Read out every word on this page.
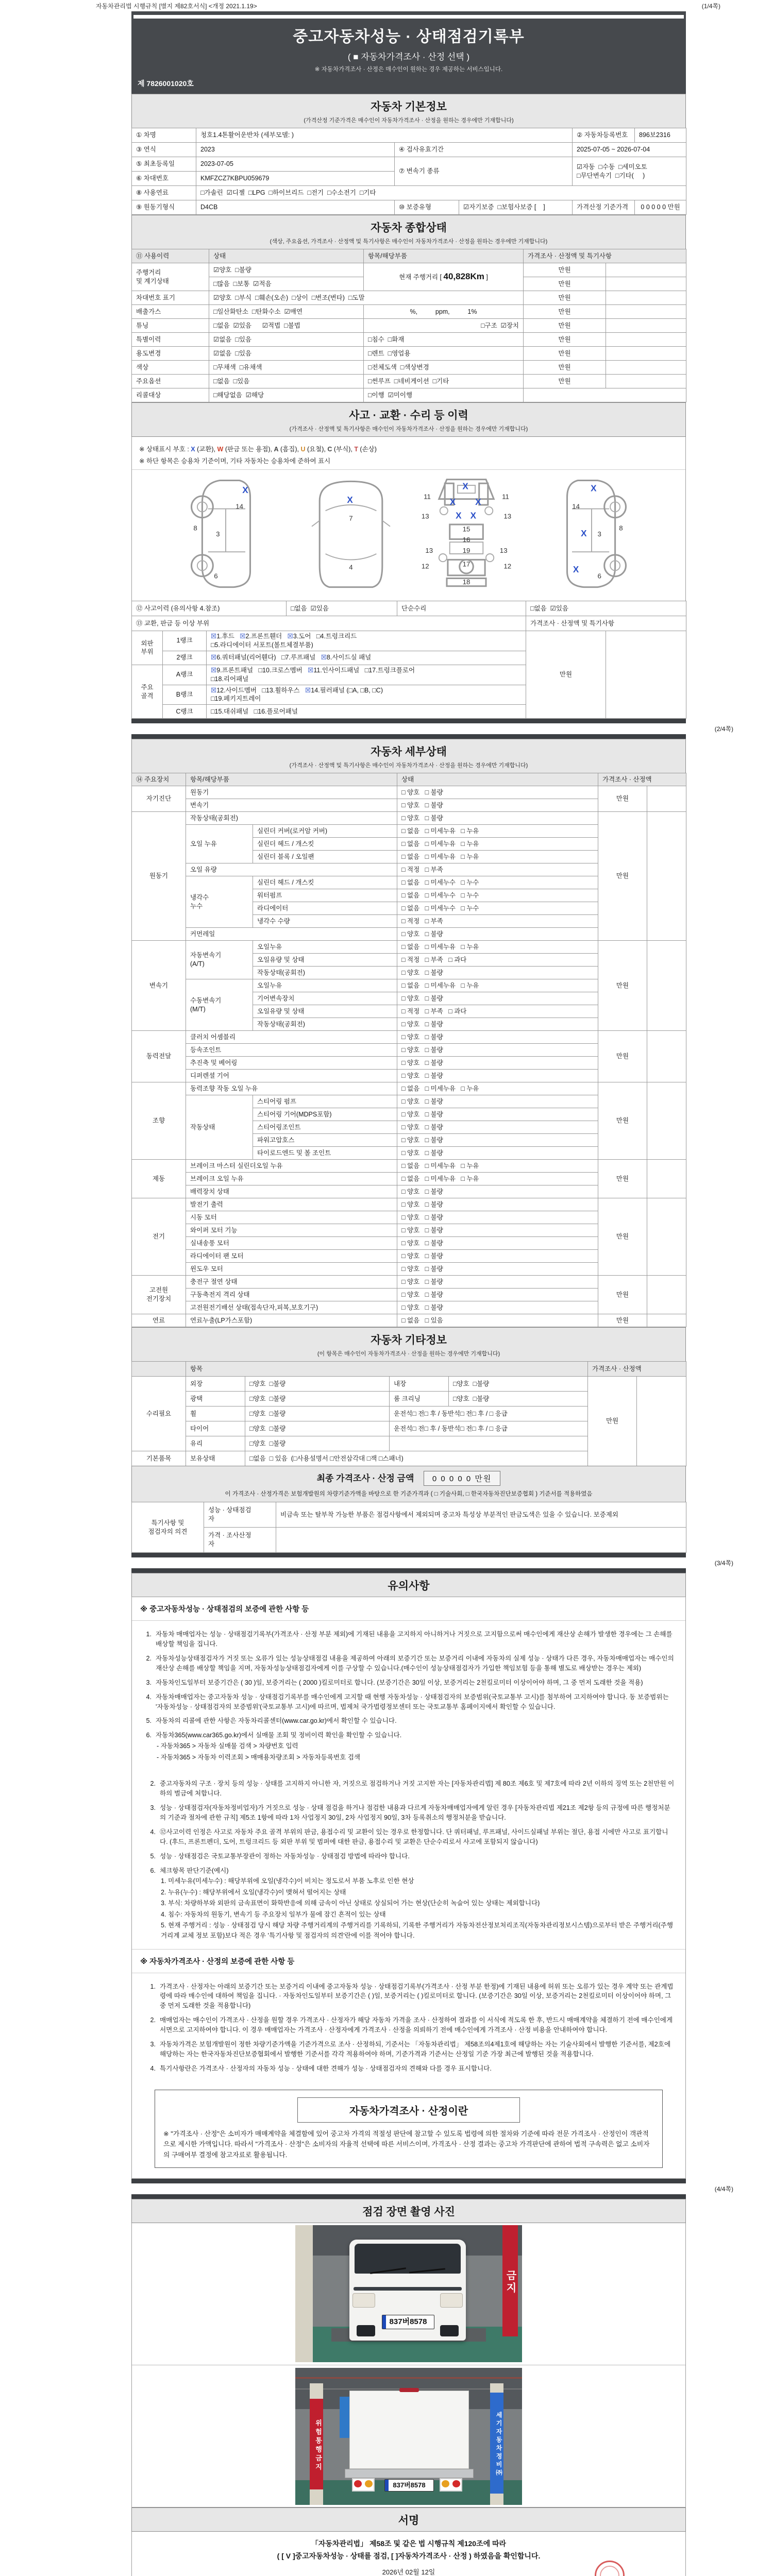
자동차관리법 시행규칙 [별지 제82호서식] <개정 2021.1.19>	(1/4쪽)
중고자동차성능 · 상태점검기록부
( ■ 자동차가격조사 · 산정 선택 )
※ 자동차가격조사 · 산정은 매수인이 원하는 경우 제공하는 서비스입니다.
제 7826001020호
자동차 기본정보
(가격산정 기준가격은 매수인이 자동차가격조사 · 산정을 원하는 경우에만 기재합니다)
① 차명	청호1.4톤활어운반차 (세부모델: )			② 자동차등록번호	896보2316
③ 연식	2023	④ 검사유효기간		2025-07-05 ~ 2026-07-04	
⑤ 최초등록일	2023-07-05	⑦ 변속기 종류		☑자동  □수동  □세미오토
□무단변속기  □기타(     )	
⑥ 차대번호	KMFZCZ7KBPU059679				
⑧ 사용연료	□가솔린  ☑디젤  □LPG  □하이브리드  □전기  □수소전기  □기타				
⑨ 원동기형식	D4CB	⑩ 보증유형	☑자기보증  □보험사보증 [    ]	가격산정 기준가격	0 0 0 0 0 만원
자동차 종합상태
(색상, 주요옵션, 가격조사 · 산정액 및 특기사항은 매수인이 자동차가격조사 · 산정을 원하는 경우에만 기재합니다)
⑪ 사용이력	상태	항목/해당부품	가격조사 · 산정액 및 특기사항	
주행거리
및 계기상태	☑양호  □불량	현재 주행거리 [ 40,828Km ]	만원	
	□많음  □보통  ☑적음		만원	
차대번호 표기	☑양호  □부식  □훼손(오손)  □상이  □변조(변타)  □도말		만원	
배출가스	□일산화탄소  □탄화수소  ☑매연	%,          ppm,          1%	만원	
튜닝	□없음  ☑있음      ☑적법  □불법	□구조  ☑장치	만원	
특별이력	☑없음  □있음	□침수  □화재	만원	
용도변경	☑없음  □있음	□렌트  □영업용	만원	
색상	□무채색  □유채색	□전체도색  □색상변경	만원	
주요옵션	□없음  □있음	□썬루프  □네비게이션  □기타	만원	
리콜대상	□해당없음  ☑해당	□이행  ☑미이행		
사고 · 교환 · 수리 등 이력
(가격조사 · 산정액 및 특기사항은 매수인이 자동차가격조사 · 산정을 원하는 경우에만 기재합니다)
※ 상태표시 부호 : X (교환), W (판금 또는 용접), A (흠집), U (요철), C (부식), T (손상)
※ 하단 항목은 승용차 기준이며, 기타 자동차는 승용차에 준하여 표시
8
3
14
6
X
7
4
X	11	11
13	13
15
16
19
13	13
12	12
17
18
X
X	X
X X
14
3
8
6
X
X
X
⑫ 사고이력 (유의사항 4.참조)	□없음  ☑있음	단순수리	□없음  ☑있음
⑬ 교환, 판금 등 이상 부위			가격조사 · 산정액 및 특기사항
외판
부위	1랭크	☒1.후드   ☒2.프론트휀더   ☒3.도어   □4.트렁크리드
□5.라디에이터 서포트(볼트체결부품)	만원	
	2랭크	☒6.쿼터패널(리어휀다)   □7.루프패널   ☒8.사이드실 패널		
주요
골격	A랭크	☒9.프론트패널   □10.크로스멤버   ☒11.인사이드패널   □17.트렁크플로어
□18.리어패널		
	B랭크	☒12.사이드멤버   □13.휠하우스   ☒14.필러패널 (□A, □B, □C)
□19.페키지트레이		
	C랭크	□15.대쉬패널   □16.플로어패널		
(2/4쪽)
자동차 세부상태
(가격조사 · 산정액 및 특기사항은 매수인이 자동차가격조사 · 산정을 원하는 경우에만 기재합니다)
⑭ 주요장치	항목/해당부품		상태	가격조사 · 산정액	
자기진단	원동기		□ 양호   □ 불량	만원	
	변속기		□ 양호   □ 불량		
원동기	작동상태(공회전)		□ 양호   □ 불량	만원	
	오일 누유	실린더 커버(로커암 커버)	□ 없음   □ 미세누유   □ 누유		
		실린더 헤드 / 개스킷	□ 없음   □ 미세누유   □ 누유		
		실린더 블록 / 오일팬	□ 없음   □ 미세누유   □ 누유		
	오일 유량		□ 적정   □ 부족		
	냉각수
누수	실린더 헤드 / 개스킷	□ 없음   □ 미세누수   □ 누수		
		워터펌프	□ 없음   □ 미세누수   □ 누수		
		라디에이터	□ 없음   □ 미세누수   □ 누수		
		냉각수 수량	□ 적정   □ 부족		
	커먼레일		□ 양호   □ 불량		
변속기	자동변속기
(A/T)	오일누유	□ 없음   □ 미세누유   □ 누유	만원	
		오일유량 및 상태	□ 적정   □ 부족   □ 과다		
		작동상태(공회전)	□ 양호   □ 불량		
	수동변속기
(M/T)	오일누유	□ 없음   □ 미세누유   □ 누유		
		기어변속장치	□ 양호   □ 불량		
		오일유량 및 상태	□ 적정   □ 부족   □ 과다		
		작동상태(공회전)	□ 양호   □ 불량		
동력전달	클러치 어셈블리		□ 양호   □ 불량	만원	
	등속조인트		□ 양호   □ 불량		
	추진축 및 베어링		□ 양호   □ 불량		
	디퍼렌셜 기어		□ 양호   □ 불량		
조향	동력조향 작동 오일 누유		□ 없음   □ 미세누유   □ 누유	만원	
	작동상태	스티어링 펌프	□ 양호   □ 불량		
		스티어링 기어(MDPS포함)	□ 양호   □ 불량		
		스티어링조인트	□ 양호   □ 불량		
		파워고압호스	□ 양호   □ 불량		
		타이로드엔드 및 볼 조인트	□ 양호   □ 불량		
제동	브레이크 마스터 실린더오일 누유		□ 없음   □ 미세누유   □ 누유	만원	
	브레이크 오일 누유		□ 없음   □ 미세누유   □ 누유		
	배력장치 상태		□ 양호   □ 불량		
전기	발전기 출력		□ 양호   □ 불량	만원	
	시동 모터		□ 양호   □ 불량		
	와이퍼 모터 기능		□ 양호   □ 불량		
	실내송풍 모터		□ 양호   □ 불량		
	라디에이터 팬 모터		□ 양호   □ 불량		
	윈도우 모터		□ 양호   □ 불량		
고전원
전기장치	충전구 절연 상태		□ 양호   □ 불량	만원	
	구동축전지 격리 상태		□ 양호   □ 불량		
	고전원전기배선 상태(접속단자,피복,보호기구)		□ 양호   □ 불량		
연료	연료누출(LP가스포함)		□ 없음   □ 있음	만원	
자동차 기타정보
(이 항목은 매수인이 자동차가격조사 · 산정을 원하는 경우에만 기재합니다)
	항목				가격조사 · 산정액	
수리필요	외장	□양호  □불량	내장	□양호  □불량	만원	
	광택	□양호  □불량	룸 크리닝	□양호  □불량		
	휠	□양호  □불량	운전석□ 전□ 후 / 동반석□ 전□ 후 / □ 응급			
	타이어	□양호  □불량	운전석□ 전□ 후 / 동반석□ 전□ 후 / □ 응급			
	유리	□양호  □불량				
기본품목	보유상태	□없음  □ 있음  (□사용설명서 □안전삼각대 □잭 □스패너)				
최종 가격조사 · 산정 금액 0 0 0 0 0 만원
이 가격조사 · 산정가격은 보험개발원의 차량기준가액을 바탕으로 한 기준가격과 ( □ 기술사회, □ 한국자동차진단보증협회 ) 기준서를 적용하였음
특기사항 및
점검자의 의견	성능 · 상태점검
자	비금속 또는 탈부착 가능한 부품은 점검사항에서 제외되며 중고차 특성상 부분적인 판금도색은 있을 수 있습니다. 보증제외
	가격 · 조사산정
자	
(3/4쪽)
유의사항
※ 중고자동차성능 · 상태점검의 보증에 관한 사항 등
1. 자동차 매매업자는 성능 · 상태점검기록부(가격조사 · 산정 부분 제외)에 기재된 내용을 고지하지 아니하거나 거짓으로 고지함으로써 매수인에게 재산상 손해가 발생한 경우에는 그 손해를 배상할 책임을 집니다.
2. 자동차성능상태점검자가 거짓 또는 오류가 있는 성능상태점검 내용을 제공하여 아래의 보증기간 또는 보증거리 이내에 자동차의 실제 성능 · 상태가 다른 경우, 자동차매매업자는 매수인의 재산상 손해를 배상할 책임을 지며, 자동차성능상태점검자에게 이를 구상할 수 있습니다.(매수인이 성능상태점검자가 가입한 책임보험 등을 통해 별도로 배상받는 경우는 제외)
3. 자동차인도일부터 보증기간은 ( 30 )일, 보증거리는 ( 2000 )킬로미터로 합니다. (보증기간은 30일 이상, 보증거리는 2천킬로미터 이상이어야 하며, 그 중 먼저 도래한 것을 적용)
4. 자동차매매업자는 중고자동차 성능 · 상태점검기록부를 매수인에게 고지할 때 현행 자동차성능 · 상태점검자의 보증범위(국토교통부 고시)를 첨부하여 고지하여야 합니다. 동 보증범위는 '자동차성능 · 상태점검자의 보증범위'(국토교통부 고시)에 따르며, 법제처 국가법령정보센터 또는 국토교통부 홈페이지에서 확인할 수 있습니다.
5. 자동차의 리콜에 관한 사항은 자동차리콜센터(www.car.go.kr)에서 확인할 수 있습니다.
6. 자동차365(www.car365.go.kr)에서 실매물 조회 및 정비이력 확인을 확인할 수 있습니다.
- 자동차365 > 자동차 실매물 검색 > 차량번호 입력
- 자동차365 > 자동차 이력조회 > 매매용차량조회 > 자동차등록번호 검색
2. 중고자동차의 구조 · 장치 등의 성능 · 상태를 고지하지 아니한 자, 거짓으로 점검하거나 거짓 고지한 자는 [자동차관리법] 제 80조 제6호 및 제7호에 따라 2년 이하의 징역 또는 2천만원 이하의 벌금에 처합니다.
3. 성능 · 상태점검자(자동차정비업자)가 거짓으로 성능 · 상태 점검을 하거나 점검한 내용과 다르게 자동차매매업자에게 알린 경우 [자동차관리법 제21조 제2항 등의 규정에 따른 행정처분의 기준과 절차에 관한 규칙] 제5조 1항에 따라 1차 사업정지 30일, 2차 사업정지 90일, 3차 등록취소의 행정처분을 받습니다.
4. ⑫사고이력 인정은 사고로 자동차 주요 골격 부위의 판금, 용접수리 및 교환이 있는 경우로 한정합니다. 단 쿼터패널, 루프패널, 사이드실패널 부위는 절단, 용접 시에만 사고로 표기합니다. (후드, 프론트펜더, 도어, 트렁크리드 등 외판 부위 및 범퍼에 대한 판금, 용접수리 및 교환은 단순수리로서 사고에 포함되지 않습니다)
5. 성능 · 상태점검은 국토교통부장관이 정하는 자동차성능 · 상태점검 방법에 따라야 합니다.
6. 체크항목 판단기준(예시)
1. 미세누유(미세누수) : 해당부위에 오일(냉각수)이 비치는 정도로서 부품 노후로 인한 현상
2. 누유(누수) : 해당부위에서 오일(냉각수)이 맺혀서 떨어지는 상태
3. 부식: 차량하부와 외판의 금속표면이 화학반응에 의해 금속이 아닌 상태로 상실되어 가는 현상(단순히 녹슬어 있는 상태는 제외합니다)
4. 침수: 자동차의 원동기, 변속기 등 주요장치 일부가 물에 잠긴 흔적이 있는 상태
5. 현재 주행거리 : 성능 · 상태점검 당시 해당 차량 주행거리계의 주행거리를 기록하되, 기록한 주행거리가 자동차전산정보처리조직(자동차관리정보시스템)으로부터 받은 주행거리(주행거리계 교체 정보 포함)보다 적은 경우 '특기사항 및 점검자의 의견'란에 이를 적어야 합니다.
※ 자동차가격조사 · 산정의 보증에 관한 사항 등
1. 가격조사 · 산정자는 아래의 보증기간 또는 보증거리 이내에 중고자동차 성능 · 상태점검기록부(가격조사 · 산정 부분 한정)에 기재된 내용에 허위 또는 오류가 있는 경우 계약 또는 관계법령에 따라 매수인에 대하여 책임을 집니다. · 자동차인도일부터 보증기간은 ( )일, 보증거리는 ( )킬로미터로 합니다. (보증기간은 30일 이상, 보증거리는 2천킬로미터 이상이어야 하며, 그 중 먼저 도래한 것을 적용합니다)
2. 매매업자는 매수인이 가격조사 · 산정을 원할 경우 가격조사 · 산정자가 해당 자동차 가격을 조사 · 산정하여 결과를 이 서식에 적도록 한 후, 반드시 매매계약을 체결하기 전에 매수인에게 서면으로 고지하여야 합니다. 이 경우 매매업자는 가격조사 · 산정자에게 가격조사 · 산정을 의뢰하기 전에 매수인에게 가격조사 · 산정 비용을 안내하여야 합니다.
3. 자동차가격은 보험개발원이 정한 차량기준가액을 기준가격으로 조사 · 산정하되, 기준서는 「자동차관리법」 제58조의4제1호에 해당하는 자는 기술사회에서 발행한 기준서를, 제2호에 해당하는 자는 한국자동차진단보증협회에서 발행한 기준서를 각각 적용하여야 하며, 기준가격과 기준서는 산정일 기준 가장 최근에 발행된 것을 적용합니다.
4. 특기사항란은 가격조사 · 산정자의 자동차 성능 · 상태에 대한 견해가 성능 · 상태점검자의 견해와 다를 경우 표시합니다.
자동차가격조사 · 산정이란
※ "가격조사 · 산정"은 소비자가 매매계약을 체결함에 있어 중고차 가격의 적절성 판단에 참고할 수 있도록 법령에 의한 절차와 기준에 따라 전문 가격조사 · 산정인이 객관적으로 제시한 가액입니다. 따라서 "가격조사 · 산정"은 소비자의 자율적 선택에 따른 서비스이며, 가격조사 · 산정 결과는 중고차 가격판단에 관하여 법적 구속력은 없고 소비자의 구매여부 결정에 참고자료로 활용됩니다.
(4/4쪽)
점검 장면 촬영 사진
837버8578
금지
위험통행금지	세기자동차정비㈜
837버8578
서명
「자동차관리법」 제58조 및 같은 법 시행규칙 제120조에 따라
( [ V ]중고자동차성능 · 상태를 점검, [ ]자동차가격조사 · 산정 ) 하였음을 확인합니다.
2026년 02월 12일
